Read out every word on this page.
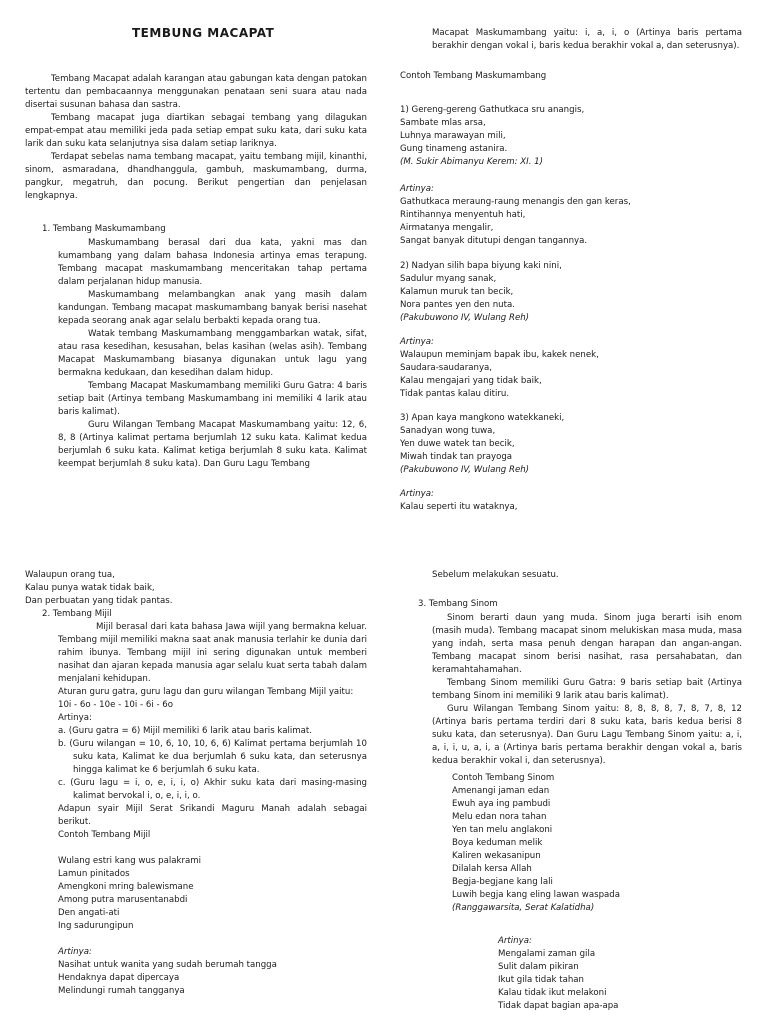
TEMBUNG MACAPAT
Tembang Macapat adalah karangan atau gabungan kata dengan patokan tertentu dan pembacaannya menggunakan penataan seni suara atau nada disertai susunan bahasa dan sastra.
Tembang macapat juga diartikan sebagai tembang yang dilagukan empat-empat atau memiliki jeda pada setiap empat suku kata, dari suku kata larik dan suku kata selanjutnya sisa dalam setiap lariknya.
Terdapat sebelas nama tembang macapat, yaitu tembang mijil, kinanthi, sinom, asmaradana, dhandhanggula, gambuh, maskumambang, durma, pangkur, megatruh, dan pocung. Berikut pengertian dan penjelasan lengkapnya.
1. Tembang Maskumambang
Maskumambang berasal dari dua kata, yakni mas dan kumambang yang dalam bahasa Indonesia artinya emas terapung. Tembang macapat maskumambang menceritakan tahap pertama dalam perjalanan hidup manusia.
Maskumambang melambangkan anak yang masih dalam kandungan. Tembang macapat maskumambang banyak berisi nasehat kepada seorang anak agar selalu berbakti kepada orang tua.
Watak tembang Maskumambang menggambarkan watak, sifat, atau rasa kesedihan, kesusahan, belas kasihan (welas asih). Tembang Macapat Maskumambang biasanya digunakan untuk lagu yang bermakna kedukaan, dan kesedihan dalam hidup.
Tembang Macapat Maskumambang memiliki Guru Gatra: 4 baris setiap bait (Artinya tembang Maskumambang ini memiliki 4 larik atau baris kalimat).
Guru Wilangan Tembang Macapat Maskumambang yaitu: 12, 6, 8, 8 (Artinya kalimat pertama berjumlah 12 suku kata. Kalimat kedua berjumlah 6 suku kata. Kalimat ketiga berjumlah 8 suku kata. Kalimat keempat berjumlah 8 suku kata). Dan Guru Lagu Tembang
Macapat Maskumambang yaitu: i, a, i, o (Artinya baris pertama berakhir dengan vokal i, baris kedua berakhir vokal a, dan seterusnya).
Contoh Tembang Maskumambang
1) Gereng-gereng Gathutkaca sru anangis,
Sambate mlas arsa,
Luhnya marawayan mili,
Gung tinameng astanira.
(M. Sukir Abimanyu Kerem: XI. 1)
Artinya:
Gathutkaca meraung-raung menangis den gan keras,
Rintihannya menyentuh hati,
Airmatanya mengalir,
Sangat banyak ditutupi dengan tangannya.
2) Nadyan silih bapa biyung kaki nini,
Sadulur myang sanak,
Kalamun muruk tan becik,
Nora pantes yen den nuta.
(Pakubuwono IV, Wulang Reh)
Artinya:
Walaupun meminjam bapak ibu, kakek nenek,
Saudara-saudaranya,
Kalau mengajari yang tidak baik,
Tidak pantas kalau ditiru.
3) Apan kaya mangkono watekkaneki,
Sanadyan wong tuwa,
Yen duwe watek tan becik,
Miwah tindak tan prayoga
(Pakubuwono IV, Wulang Reh)
Artinya:
Kalau seperti itu wataknya,
Walaupun orang tua,
Kalau punya watak tidak baik,
Dan perbuatan yang tidak pantas.
2. Tembang Mijil
Mijil berasal dari kata bahasa Jawa wijil yang bermakna keluar. Tembang mijil memiliki makna saat anak manusia terlahir ke dunia dari rahim ibunya. Tembang mijil ini sering digunakan untuk memberi nasihat dan ajaran kepada manusia agar selalu kuat serta tabah dalam menjalani kehidupan.
Aturan guru gatra, guru lagu dan guru wilangan Tembang Mijil yaitu:
10i - 6o - 10e - 10i - 6i - 6o
Artinya:
a. (Guru gatra = 6) Mijil memiliki 6 larik atau baris kalimat.
b. (Guru wilangan = 10, 6, 10, 10, 6, 6) Kalimat pertama berjumlah 10 suku kata, Kalimat ke dua berjumlah 6 suku kata, dan seterusnya hingga kalimat ke 6 berjumlah 6 suku kata.
c. (Guru lagu = i, o, e, i, i, o) Akhir suku kata dari masing-masing kalimat bervokal i, o, e, i, i, o.
Adapun syair Mijil Serat Srikandi Maguru Manah adalah sebagai berikut.
Contoh Tembang Mijil
Wulang estri kang wus palakrami
Lamun pinitados
Amengkoni mring balewismane
Among putra marusentanabdi
Den angati-ati
Ing sadurungipun
Artinya:
Nasihat untuk wanita yang sudah berumah tangga
Hendaknya dapat dipercaya
Melindungi rumah tangganya
Sebelum melakukan sesuatu.
3. Tembang Sinom
Sinom berarti daun yang muda. Sinom juga berarti isih enom (masih muda). Tembang macapat sinom melukiskan masa muda, masa yang indah, serta masa penuh dengan harapan dan angan-angan. Tembang macapat sinom berisi nasihat, rasa persahabatan, dan keramahtahamahan.
Tembang Sinom memiliki Guru Gatra: 9 baris setiap bait (Artinya tembang Sinom ini memiliki 9 larik atau baris kalimat).
Guru Wilangan Tembang Sinom yaitu: 8, 8, 8, 8, 7, 8, 7, 8, 12 (Artinya baris pertama terdiri dari 8 suku kata, baris kedua berisi 8 suku kata, dan seterusnya). Dan Guru Lagu Tembang Sinom yaitu: a, i, a, i, i, u, a, i, a (Artinya baris pertama berakhir dengan vokal a, baris kedua berakhir vokal i, dan seterusnya).
Contoh Tembang Sinom
Amenangi jaman edan
Ewuh aya ing pambudi
Melu edan nora tahan
Yen tan melu anglakoni
Boya keduman melik
Kaliren wekasanipun
Dilalah kersa Allah
Begja-begjane kang lali
Luwih begja kang eling lawan waspada
(Ranggawarsita, Serat Kalatidha)
Artinya:
Mengalami zaman gila
Sulit dalam pikiran
Ikut gila tidak tahan
Kalau tidak ikut melakoni
Tidak dapat bagian apa-apa
